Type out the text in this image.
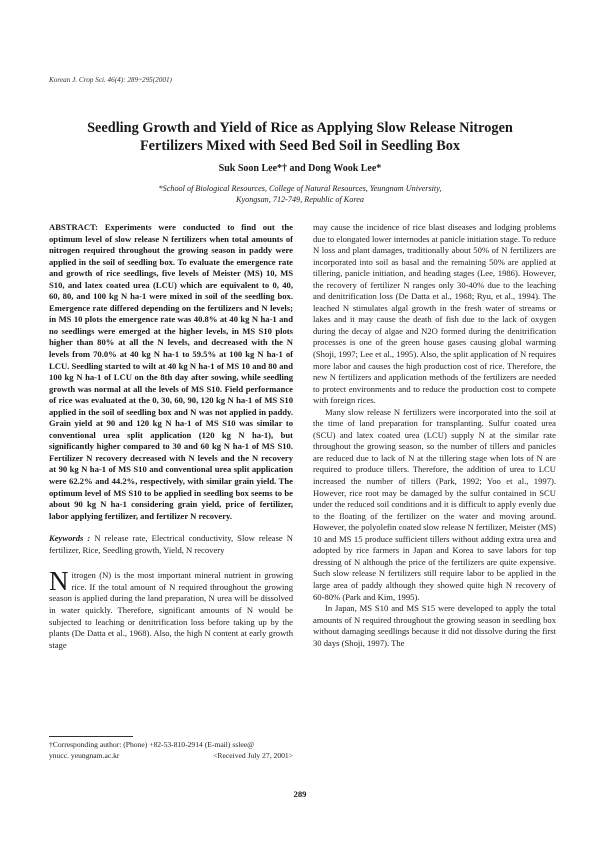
Korean J. Crop Sci. 46(4): 289~295(2001)
Seedling Growth and Yield of Rice as Applying Slow Release Nitrogen
Fertilizers Mixed with Seed Bed Soil in Seedling Box
Suk Soon Lee*† and Dong Wook Lee*
*School of Biological Resources, College of Natural Resources, Yeungnam University,
Kyongsan, 712-749, Republic of Korea

ABSTRACT: Experiments were conducted to find out the optimum level of slow release N fertilizers when total amounts of nitrogen required throughout the growing season in paddy were applied in the soil of seedling box. To evaluate the emergence rate and growth of rice seedlings, five levels of Meister (MS) 10, MS S10, and latex coated urea (LCU) which are equivalent to 0, 40, 60, 80, and 100 kg N ha-1 were mixed in soil of the seedling box. Emergence rate differed depending on the fertilizers and N levels; in MS 10 plots the emergence rate was 40.8% at 40 kg N ha-1 and no seedlings were emerged at the higher levels, in MS S10 plots higher than 80% at all the N levels, and decreased with the N levels from 70.0% at 40 kg N ha-1 to 59.5% at 100 kg N ha-1 of LCU. Seedling started to wilt at 40 kg N ha-1 of MS 10 and 80 and 100 kg N ha-1 of LCU on the 8th day after sowing, while seedling growth was normal at all the levels of MS S10. Field performance of rice was evaluated at the 0, 30, 60, 90, 120 kg N ha-1 of MS S10 applied in the soil of seedling box and N was not applied in paddy. Grain yield at 90 and 120 kg N ha-1 of MS S10 was similar to conventional urea split application (120 kg N ha-1), but significantly higher compared to 30 and 60 kg N ha-1 of MS S10. Fertilizer N recovery decreased with N levels and the N recovery at 90 kg N ha-1 of MS S10 and conventional urea split application were 62.2% and 44.2%, respectively, with similar grain yield. The optimum level of MS S10 to be applied in seedling box seems to be about 90 kg N ha-1 considering grain yield, price of fertilizer, labor applying fertilizer, and fertilizer N recovery.

Keywords : N release rate, Electrical conductivity, Slow release N fertilizer, Rice, Seedling growth, Yield, N recovery

Nitrogen (N) is the most important mineral nutrient in growing rice. If the total amount of N required throughout the growing season is applied during the land preparation, N urea will be dissolved in water quickly. Therefore, significant amounts of N would be subjected to leaching or denitrification loss before taking up by the plants (De Datta et al., 1968). Also, the high N content at early growth stage

†Corresponding author: (Phone) +82-53-810-2914 (E-mail) sslee@
ynucc. yeungnam.ac.kr	<Received July 27, 2001>

may cause the incidence of rice blast diseases and lodging problems due to elongated lower internodes at panicle initiation stage. To reduce N loss and plant damages, traditionally about 50% of N fertilizers are incorporated into soil as basal and the remaining 50% are applied at tillering, panicle initiation, and heading stages (Lee, 1986). However, the recovery of fertilizer N ranges only 30-40% due to the leaching and denitrification loss (De Datta et al., 1968; Ryu, et al., 1994). The leached N stimulates algal growth in the fresh water of streams or lakes and it may cause the death of fish due to the lack of oxygen during the decay of algae and N2O formed during the denitrification processes is one of the green house gases causing global warming (Shoji, 1997; Lee et al., 1995). Also, the split application of N requires more labor and causes the high production cost of rice. Therefore, the new N fertilizers and application methods of the fertilizers are needed to protect environments and to reduce the production cost to compete with foreign rices.

Many slow release N fertilizers were incorporated into the soil at the time of land preparation for transplanting. Sulfur coated urea (SCU) and latex coated urea (LCU) supply N at the similar rate throughout the growing season, so the number of tillers and panicles are reduced due to lack of N at the tillering stage when lots of N are required to produce tillers. Therefore, the addition of urea to LCU increased the number of tillers (Park, 1992; Yoo et al., 1997). However, rice root may be damaged by the sulfur contained in SCU under the reduced soil conditions and it is difficult to apply evenly due to the floating of the fertilizer on the water and moving around. However, the polyolefin coated slow release N fertilizer, Meister (MS) 10 and MS 15 produce sufficient tillers without adding extra urea and adopted by rice farmers in Japan and Korea to save labors for top dressing of N although the price of the fertilizers are quite expensive. Such slow release N fertilizers still require labor to be applied in the large area of paddy although they showed quite high N recovery of 60-80% (Park and Kim, 1995).

In Japan, MS S10 and MS S15 were developed to apply the total amounts of N required throughout the growing season in seedling box without damaging seedlings because it did not dissolve during the first 30 days (Shoji, 1997). The

289
